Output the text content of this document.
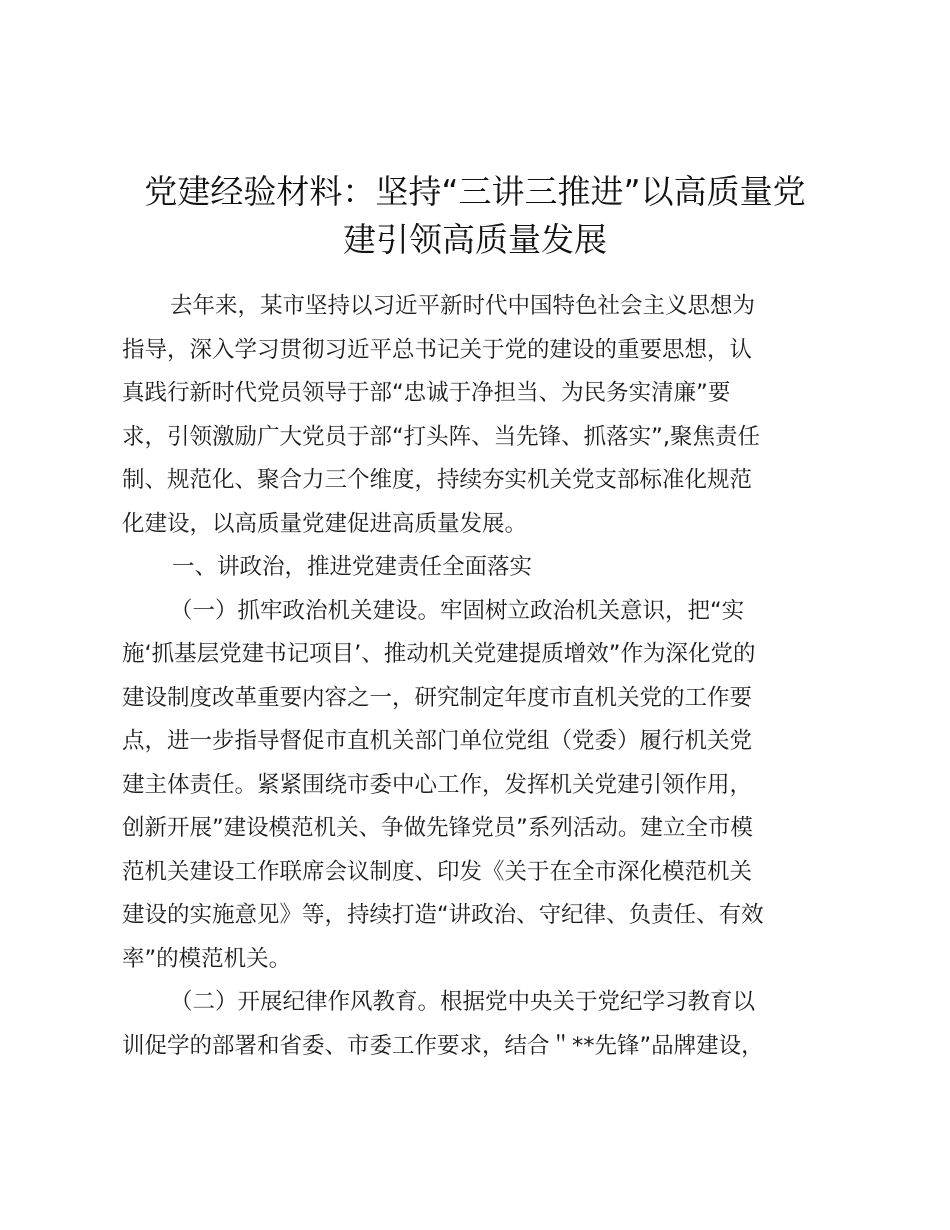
党建经验材料：坚持“三讲三推进”以高质量党
建引领高质量发展
去年来，某市坚持以习近平新时代中国特色社会主义思想为
指导，深入学习贯彻习近平总书记关于党的建设的重要思想，认
真践行新时代党员领导于部“忠诚于净担当、为民务实清廉”要
求，引领激励广大党员于部“打头阵、当先锋、抓落实”,聚焦责任
制、规范化、聚合力三个维度，持续夯实机关党支部标准化规范
化建设，以高质量党建促进高质量发展。
一、讲政治，推进党建责任全面落实
（一）抓牢政治机关建设。牢固树立政治机关意识，把“实
施‘抓基层党建书记项目’、推动机关党建提质增效”作为深化党的
建设制度改革重要内容之一，研究制定年度市直机关党的工作要
点，进一步指导督促市直机关部门单位党组（党委）履行机关党
建主体责任。紧紧围绕市委中心工作，发挥机关党建引领作用，
创新开展”建设模范机关、争做先锋党员”系列活动。建立全市模
范机关建设工作联席会议制度、印发《关于在全市深化模范机关
建设的实施意见》等，持续打造“讲政治、守纪律、负责任、有效
率”的模范机关。
（二）开展纪律作风教育。根据党中央关于党纪学习教育以
训促学的部署和省委、市委工作要求，结合＂**先锋”品牌建设，
